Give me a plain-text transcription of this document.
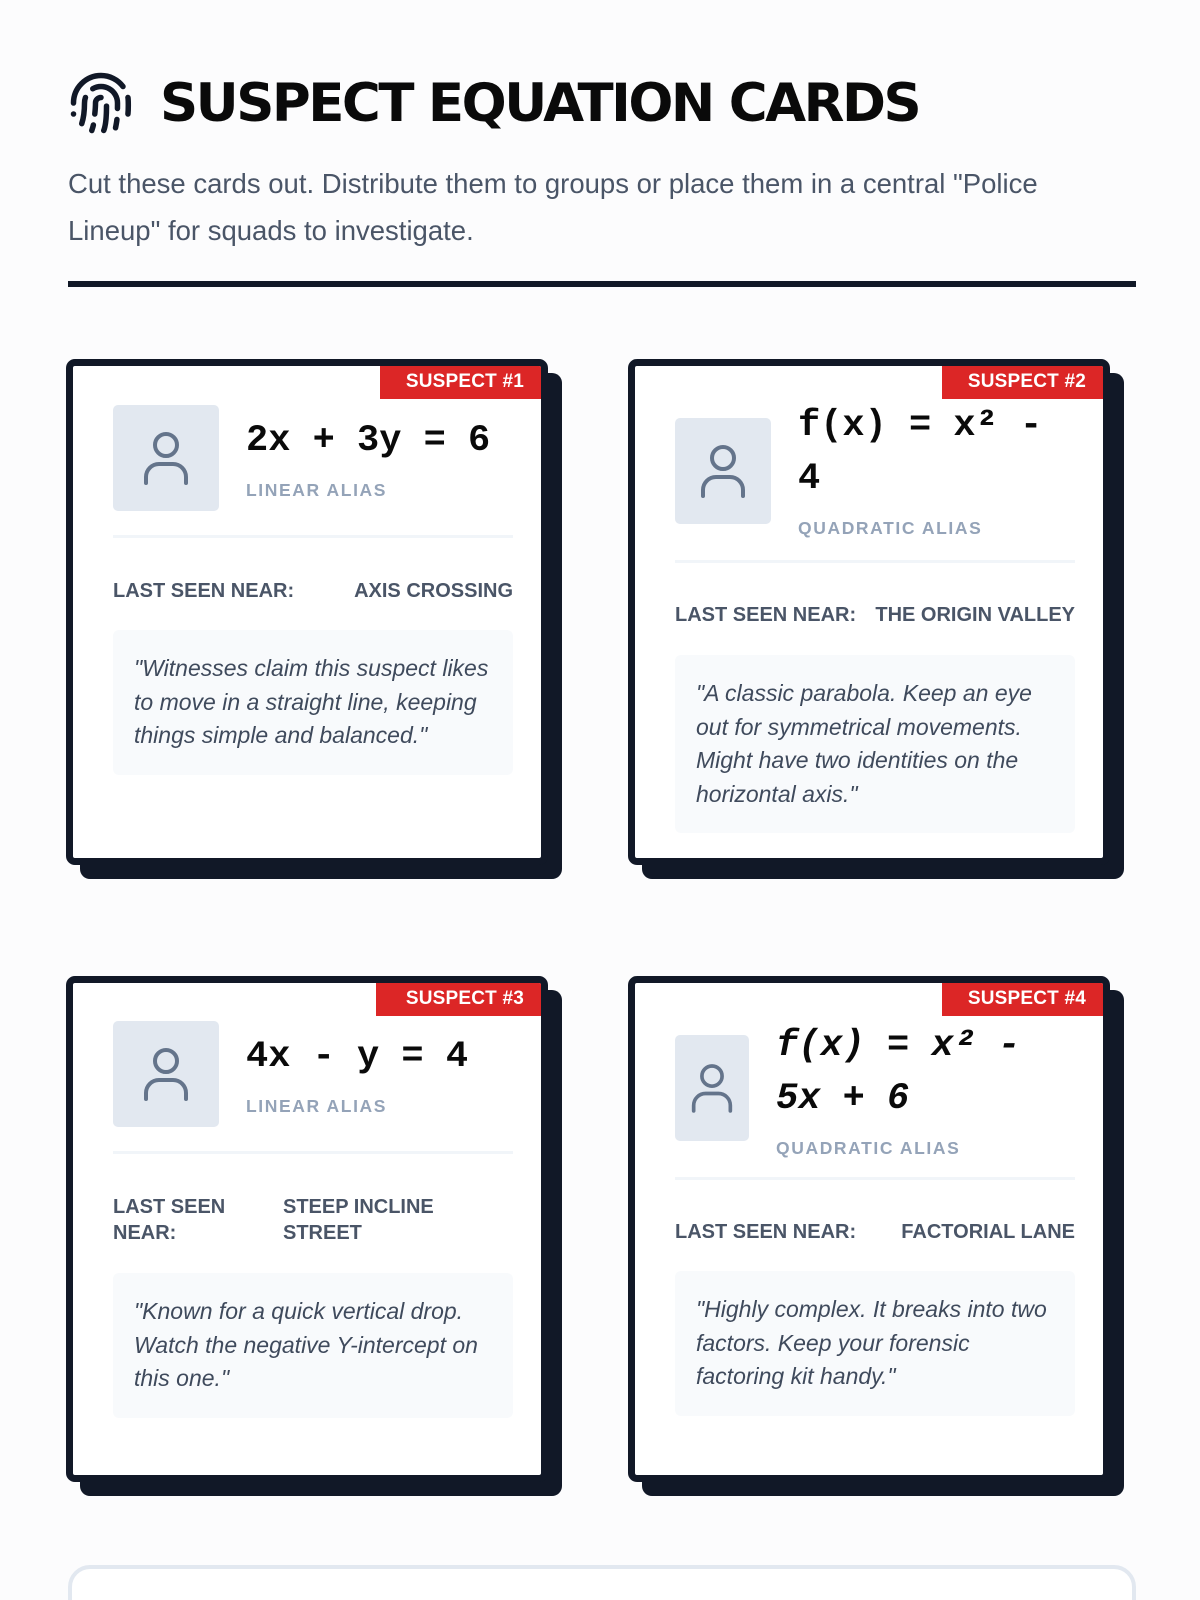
SUSPECT EQUATION CARDS
Cut these cards out. Distribute them to groups or place them in a central "Police Lineup" for squads to investigate.
SUSPECT #1
2x + 3y = 6
LINEAR ALIAS
LAST SEEN NEAR:	AXIS CROSSING
"Witnesses claim this suspect likes to move in a straight line, keeping things simple and balanced."
SUSPECT #2
f(x) = x² - 4
QUADRATIC ALIAS
LAST SEEN NEAR: THE ORIGIN VALLEY
"A classic parabola. Keep an eye out for symmetrical movements. Might have two identities on the horizontal axis."
SUSPECT #3
4x - y = 4
LINEAR ALIAS
LAST SEEN NEAR:
STEEP INCLINE STREET
"Known for a quick vertical drop. Watch the negative Y-intercept on this one."
SUSPECT #4
f(x) = x² - 5x + 6
QUADRATIC ALIAS
LAST SEEN NEAR: FACTORIAL LANE
"Highly complex. It breaks into two factors. Keep your forensic factoring kit handy."
